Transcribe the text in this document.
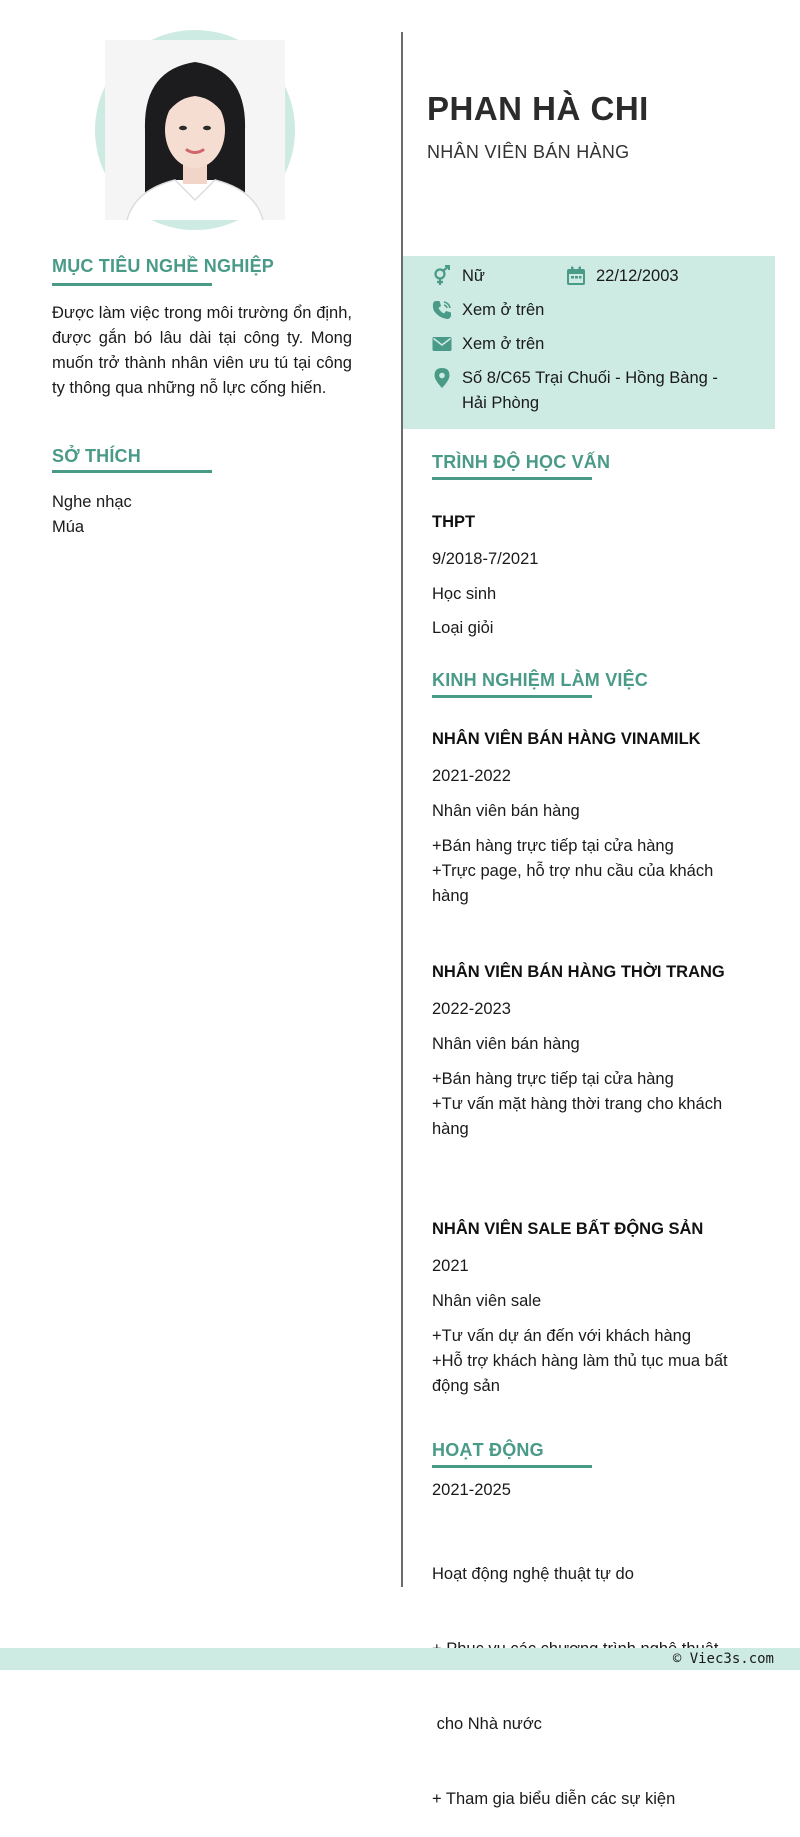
MỤC TIÊU NGHỀ NGHIỆP
Được làm việc trong môi trường ổn định, được gắn bó lâu dài tại công ty. Mong muốn trở thành nhân viên ưu tú tại công ty thông qua những nỗ lực cống hiến.
SỞ THÍCH
Nghe nhạc
Múa
PHAN HÀ CHI
NHÂN VIÊN BÁN HÀNG
Nữ	22/12/2003
Xem ở trên
Xem ở trên
Số 8/C65 Trại Chuối - Hồng Bàng -
Hải Phòng
TRÌNH ĐỘ HỌC VẤN
THPT
9/2018-7/2021
Học sinh
Loại giỏi
KINH NGHIỆM LÀM VIỆC
NHÂN VIÊN BÁN HÀNG VINAMILK
2021-2022
Nhân viên bán hàng
+Bán hàng trực tiếp tại cửa hàng
+Trực page, hỗ trợ nhu cầu của khách hàng
NHÂN VIÊN BÁN HÀNG THỜI TRANG
2022-2023
Nhân viên bán hàng
+Bán hàng trực tiếp tại cửa hàng
+Tư vấn mặt hàng thời trang cho khách hàng
NHÂN VIÊN SALE BẤT ĐỘNG SẢN
2021
Nhân viên sale
+Tư vấn dự án đến với khách hàng
+Hỗ trợ khách hàng làm thủ tục mua bất động sản
HOẠT ĐỘNG
2021-2025

Hoạt động nghệ thuật tự do

cho Nhà nước

+ Tham gia biểu diễn các sự kiện

© Viec3s.com
